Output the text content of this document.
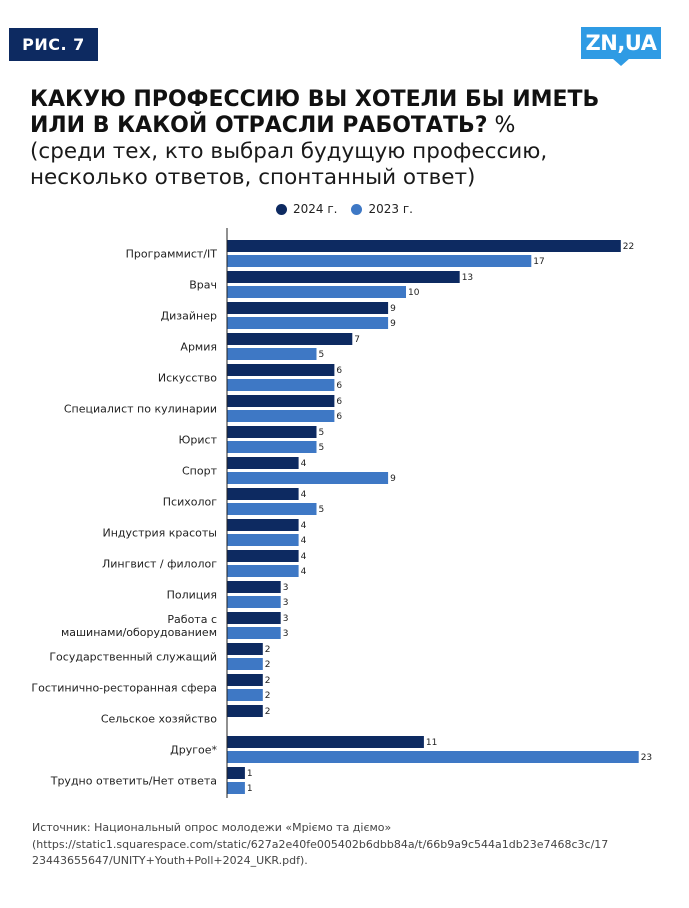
РИС. 7	ZN,UA
КАКУЮ ПРОФЕССИЮ ВЫ ХОТЕЛИ БЫ ИМЕТЬ
ИЛИ В КАКОЙ ОТРАСЛИ РАБОТАТЬ? %
(среди тех, кто выбрал будущую профессию,
несколько ответов, спонтанный ответ)
2024 г.	2023 г.
Программист/IT
22
17
Врач
13
10
Дизайнер
9
9
Армия
7
5
Искусство
6
6
Специалист по кулинарии
6
6
Юрист
5
5
Спорт
4
9
Психолог
4
5
Индустрия красоты
4
4
Лингвист / филолог
4
4
Полиция
3
3
Работа с
машинами/оборудованием
3
3
Государственный служащий
2
2
Гостинично-ресторанная сфера
2
2
Сельское хозяйство
2
Другое*
11
23
Трудно ответить/Нет ответа
1
1
Источник: Национальный опрос молодежи «Мріємо та діємо»
(https://static1.squarespace.com/static/627a2e40fe005402b6dbb84a/t/66b9a9c544a1db23e7468c3c/17
23443655647/UNITY+Youth+Poll+2024_UKR.pdf).
